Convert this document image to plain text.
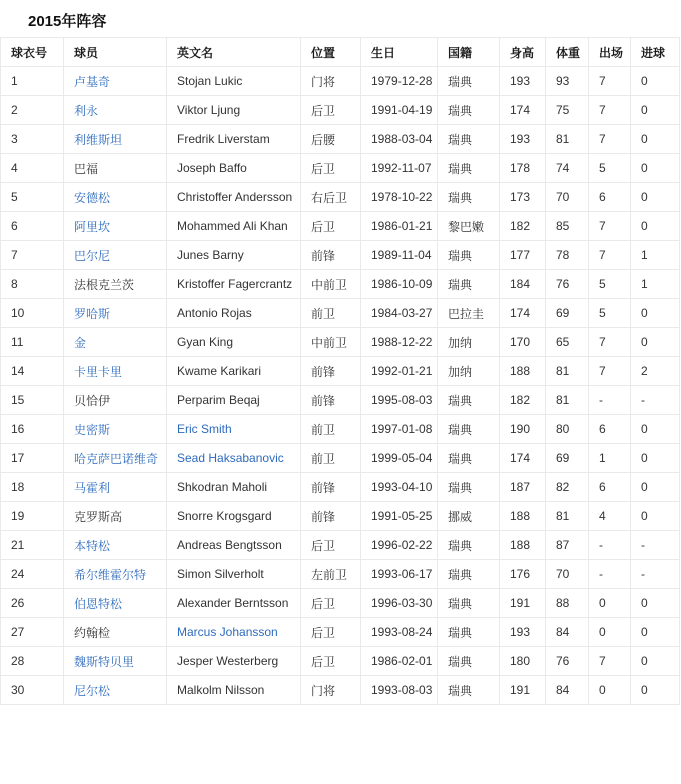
2015年阵容
球衣号	球员	英文名	位置	生日	国籍	身高	体重	出场	进球
1	卢基奇	Stojan Lukic	门将	1979-12-28	瑞典	193	93	7	0
2	利永	Viktor Ljung	后卫	1991-04-19	瑞典	174	75	7	0
3	利维斯坦	Fredrik Liverstam	后腰	1988-03-04	瑞典	193	81	7	0
4	巴福	Joseph Baffo	后卫	1992-11-07	瑞典	178	74	5	0
5	安德松	Christoffer Andersson	右后卫	1978-10-22	瑞典	173	70	6	0
6	阿里坎	Mohammed Ali Khan	后卫	1986-01-21	黎巴嫩	182	85	7	0
7	巴尔尼	Junes Barny	前锋	1989-11-04	瑞典	177	78	7	1
8	法根克兰茨	Kristoffer Fagercrantz	中前卫	1986-10-09	瑞典	184	76	5	1
10	罗哈斯	Antonio Rojas	前卫	1984-03-27	巴拉圭	174	69	5	0
11	金	Gyan King	中前卫	1988-12-22	加纳	170	65	7	0
14	卡里卡里	Kwame Karikari	前锋	1992-01-21	加纳	188	81	7	2
15	贝恰伊	Perparim Beqaj	前锋	1995-08-03	瑞典	182	81	-	-
16	史密斯	Eric Smith	前卫	1997-01-08	瑞典	190	80	6	0
17	哈克萨巴诺维奇	Sead Haksabanovic	前卫	1999-05-04	瑞典	174	69	1	0
18	马霍利	Shkodran Maholi	前锋	1993-04-10	瑞典	187	82	6	0
19	克罗斯高	Snorre Krogsgard	前锋	1991-05-25	挪威	188	81	4	0
21	本特松	Andreas Bengtsson	后卫	1996-02-22	瑞典	188	87	-	-
24	希尔维霍尔特	Simon Silverholt	左前卫	1993-06-17	瑞典	176	70	-	-
26	伯恩特松	Alexander Berntsson	后卫	1996-03-30	瑞典	191	88	0	0
27	约翰检	Marcus Johansson	后卫	1993-08-24	瑞典	193	84	0	0
28	魏斯特贝里	Jesper Westerberg	后卫	1986-02-01	瑞典	180	76	7	0
30	尼尔松	Malkolm Nilsson	门将	1993-08-03	瑞典	191	84	0	0
